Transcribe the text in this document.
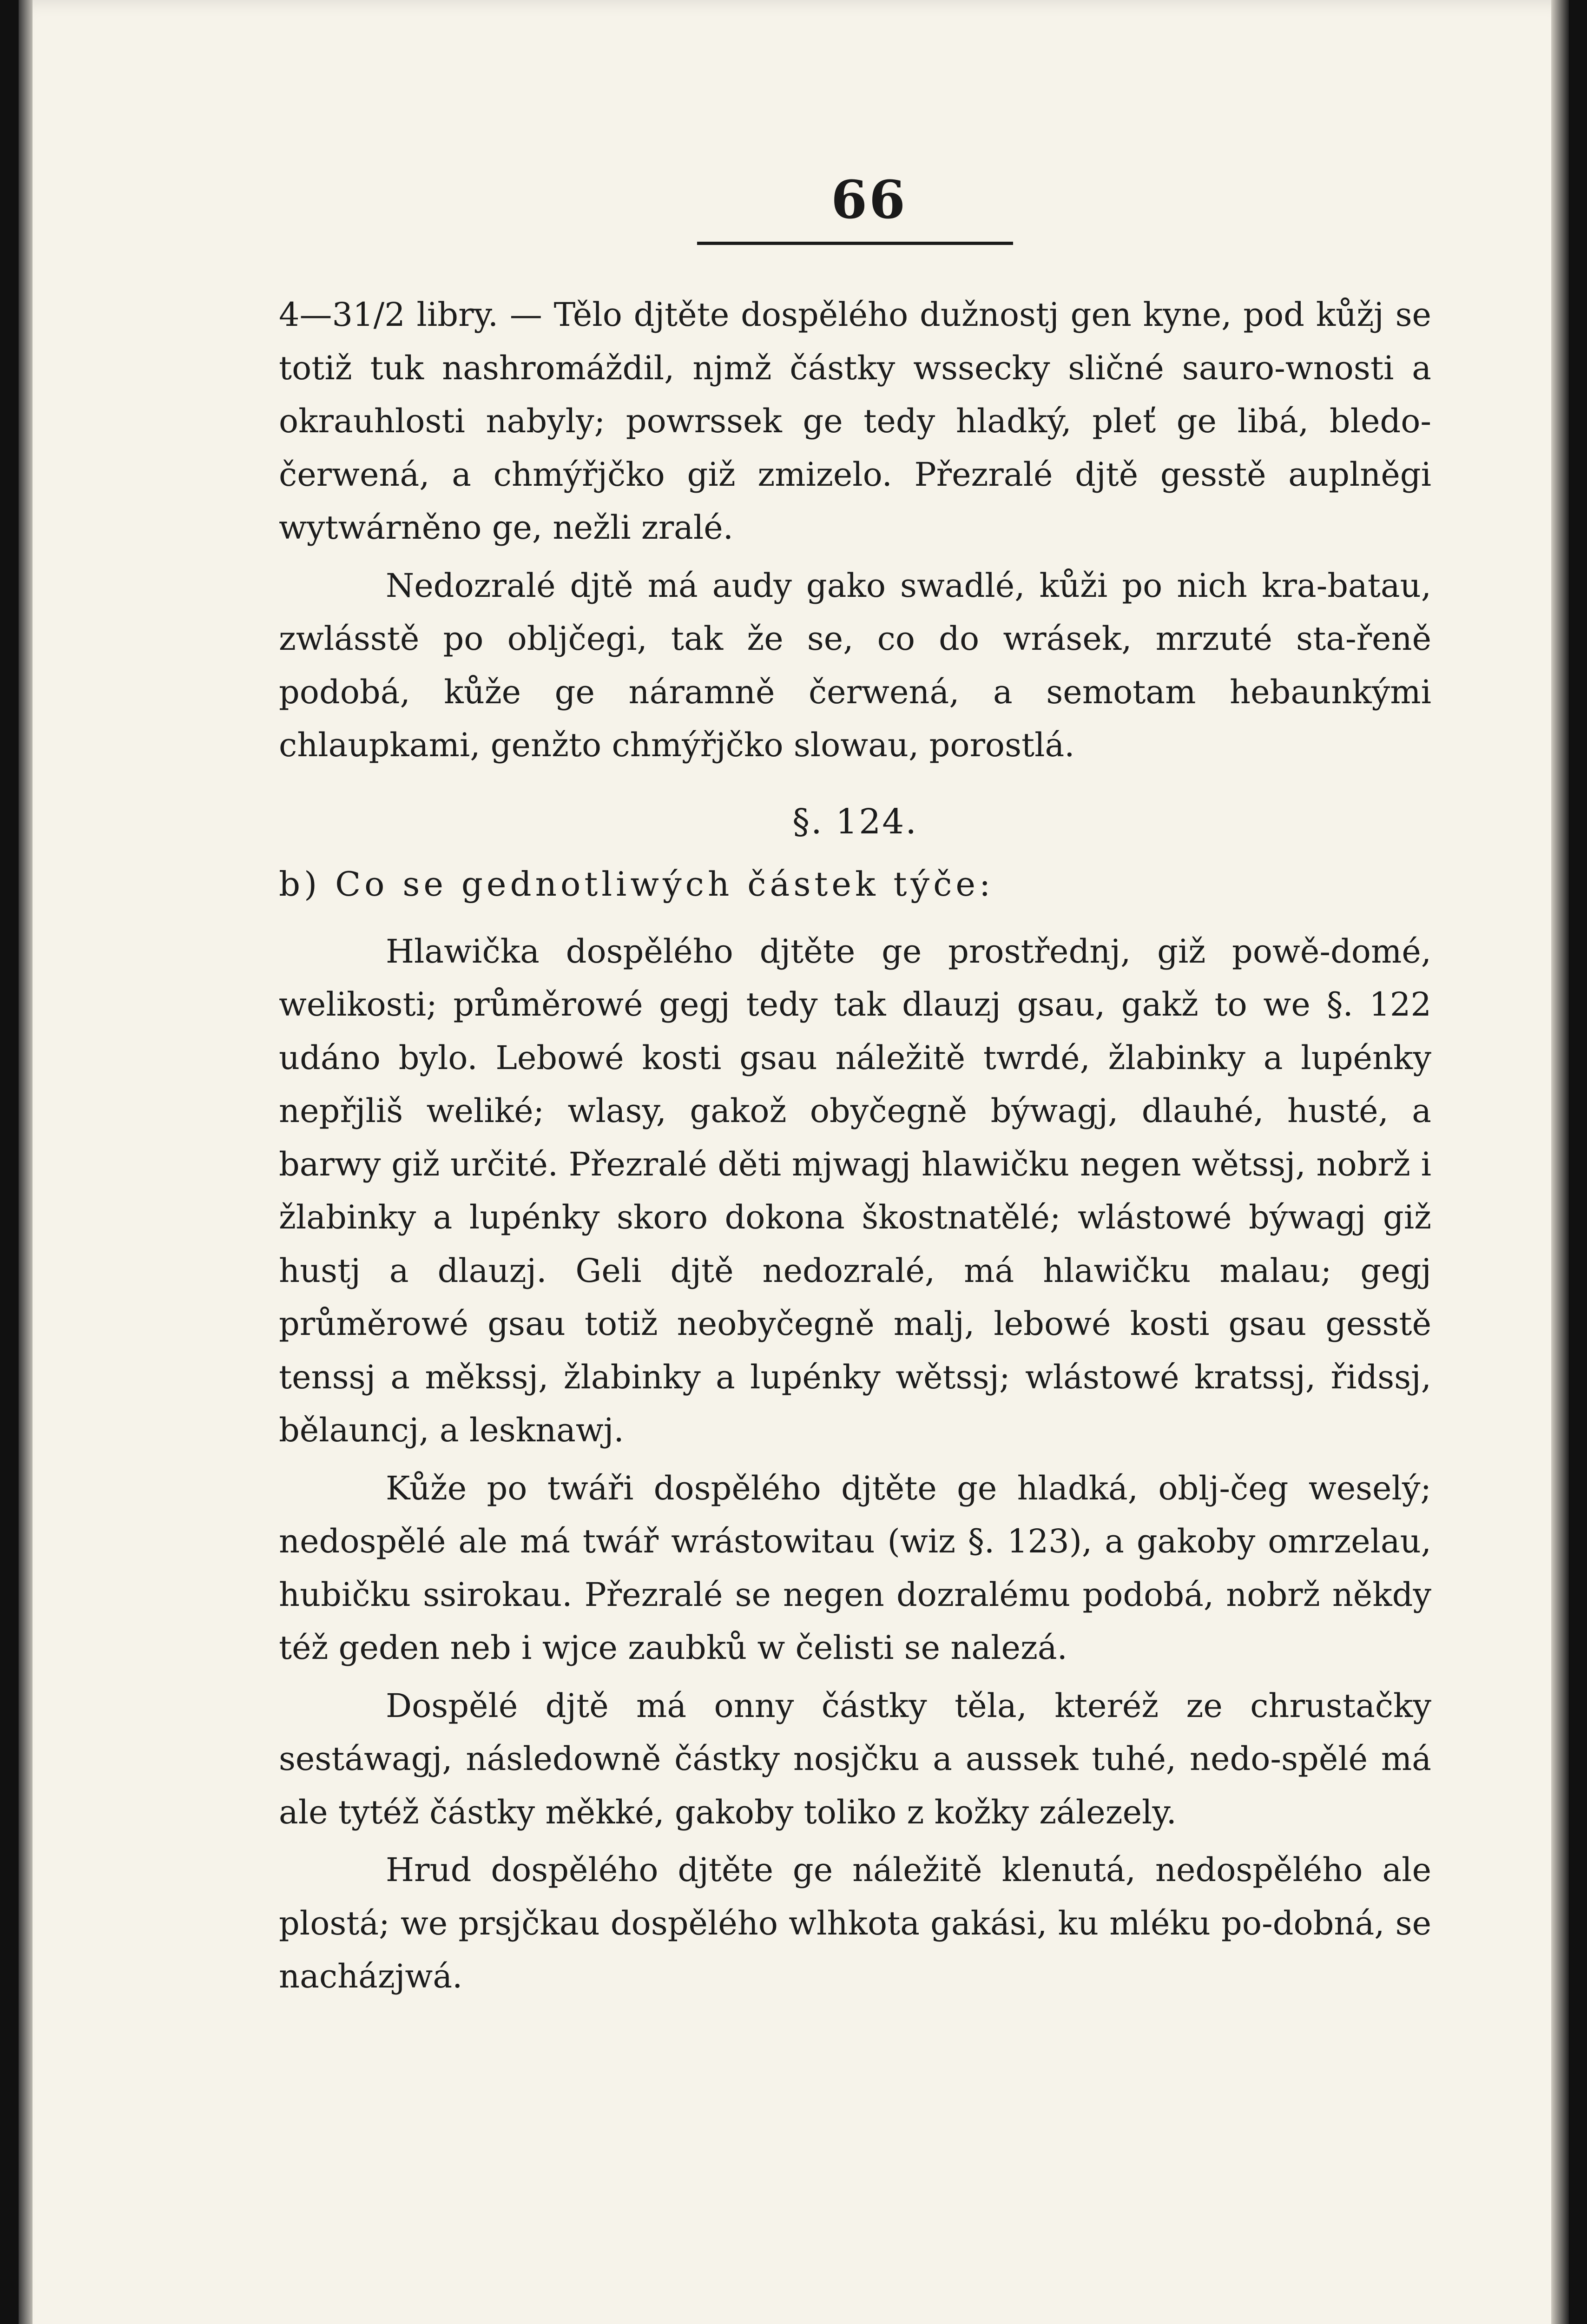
66

4—31/2 libry. — Tělo djtěte dospělého dužnostj gen kyne, pod kůžj se totiž tuk nashromáždil, njmž částky wssecky sličné sauro-wnosti a okrauhlosti nabyly; powrssek ge tedy hladký, pleť ge libá, bledo-čerwená, a chmýřjčko giž zmizelo. Přezralé djtě gesstě auplněgi wytwárněno ge, nežli zralé.

Nedozralé djtě má audy gako swadlé, kůži po nich kra-batau, zwlásstě po obljčegi, tak že se, co do wrásek, mrzuté sta-řeně podobá, kůže ge náramně čerwená, a semotam hebaunkými chlaupkami, genžto chmýřjčko slowau, porostlá.

§. 124.
b) Co se gednotliwých částek týče:

Hlawička dospělého djtěte ge prostřednj, giž powě-domé, welikosti; průměrowé gegj tedy tak dlauzj gsau, gakž to we §. 122 udáno bylo. Lebowé kosti gsau náležitě twrdé, žlabinky a lupénky nepřjliš weliké; wlasy, gakož obyčegně býwagj, dlauhé, husté, a barwy giž určité. Přezralé děti mjwagj hlawičku negen wětssj, nobrž i žlabinky a lupénky skoro dokona škostnatělé; wlástowé býwagj giž hustj a dlauzj. Geli djtě nedozralé, má hlawičku malau; gegj průměrowé gsau totiž neobyčegně malj, lebowé kosti gsau gesstě tenssj a měkssj, žlabinky a lupénky wětssj; wlástowé kratssj, řidssj, bělauncj, a lesknawj.

Kůže po twáři dospělého djtěte ge hladká, oblj-čeg weselý; nedospělé ale má twář wrástowitau (wiz §. 123), a gakoby omrzelau, hubičku ssirokau. Přezralé se negen dozralému podobá, nobrž někdy též geden neb i wjce zaubků w čelisti se nalezá.

Dospělé djtě má onny částky těla, kteréž ze chrustačky sestáwagj, následowně částky nosjčku a aussek tuhé, nedo-spělé má ale tytéž částky měkké, gakoby toliko z kožky zálezely.

Hrud dospělého djtěte ge náležitě klenutá, nedospělého ale plostá; we prsjčkau dospělého wlhkota gakási, ku mléku po-dobná, se nacházjwá.
